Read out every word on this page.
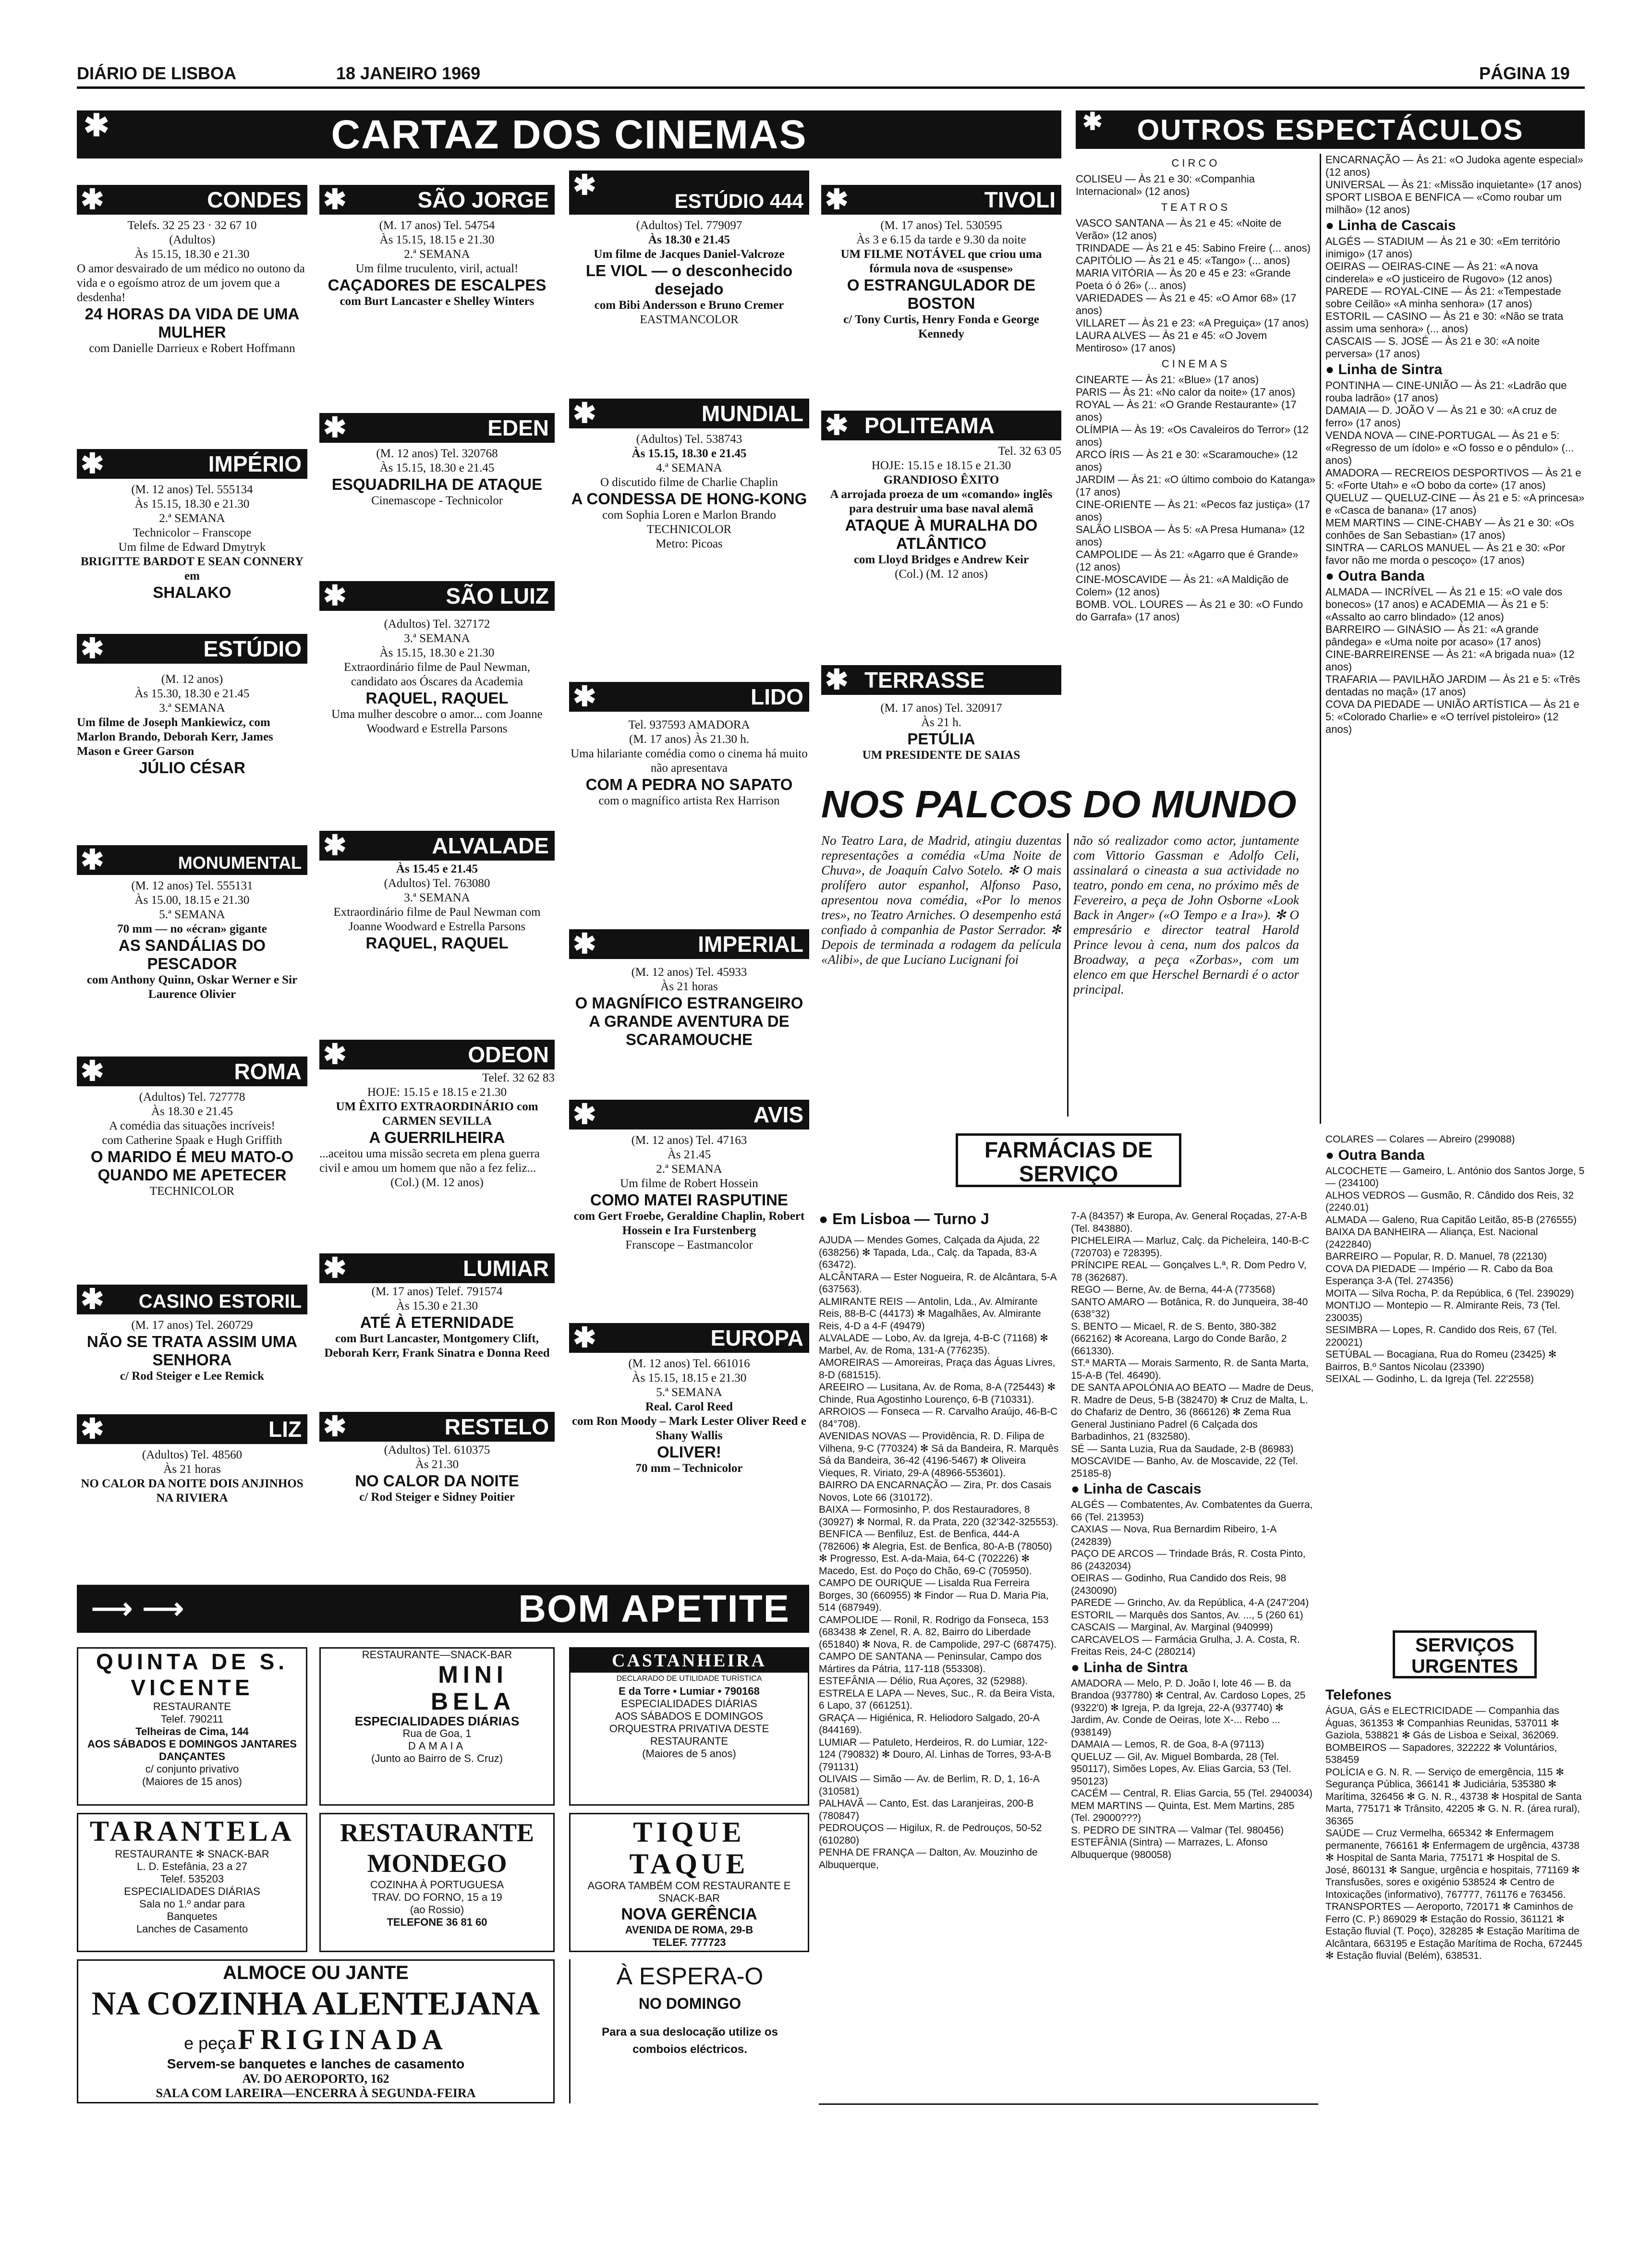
DIÁRIO DE LISBOA	18 JANEIRO 1969	PÁGINA 19
✱	CARTAZ DOS CINEMAS	✱ OUTROS ESPECTÁCULOS
✱	CONDES

Telefs. 32 25 23 · 32 67 10

(Adultos)

Às 15.15, 18.30 e 21.30

O amor desvairado de um médico no outono da vida e o egoísmo atroz de um jovem que a desdenha!

24 HORAS DA VIDA DE UMA MULHER

com Danielle Darrieux e Robert Hoffmann

✱	IMPÉRIO

(M. 12 anos) Tel. 555134

Às 15.15, 18.30 e 21.30

2.ª SEMANA

Technicolor – Franscope

Um filme de Edward Dmytryk

BRIGITTE BARDOT E SEAN CONNERY em

SHALAKO

✱	ESTÚDIO

(M. 12 anos)

Às 15.30, 18.30 e 21.45

3.ª SEMANA

Um filme de Joseph Mankiewicz, com Marlon Brando, Deborah Kerr, James Mason e Greer Garson

JÚLIO CÉSAR

✱	MONUMENTAL

(M. 12 anos) Tel. 555131

Às 15.00, 18.15 e 21.30

5.ª SEMANA

70 mm — no «écran» gigante

AS SANDÁLIAS DO PESCADOR

com Anthony Quinn, Oskar Werner e Sir Laurence Olivier

✱	ROMA

(Adultos) Tel. 727778

Às 18.30 e 21.45

A comédia das situações incríveis!

com Catherine Spaak e Hugh Griffith

O MARIDO É MEU MATO-O QUANDO ME APETECER

TECHNICOLOR

✱ CASINO ESTORIL

(M. 17 anos) Tel. 260729

NÃO SE TRATA ASSIM UMA SENHORA

c/ Rod Steiger e Lee Remick

✱	LIZ

(Adultos) Tel. 48560

Às 21 horas

NO CALOR DA NOITE DOIS ANJINHOS NA RIVIERA

✱	SÃO JORGE

(M. 17 anos) Tel. 54754

Às 15.15, 18.15 e 21.30

2.ª SEMANA

Um filme truculento, viril, actual!

CAÇADORES DE ESCALPES

com Burt Lancaster e Shelley Winters

✱	EDEN

(M. 12 anos) Tel. 320768

Às 15.15, 18.30 e 21.45

ESQUADRILHA DE ATAQUE

Cinemascope - Technicolor

✱	SÃO LUIZ

(Adultos) Tel. 327172

3.ª SEMANA

Às 15.15, 18.30 e 21.30

Extraordinário filme de Paul Newman, candidato aos Óscares da Academia

RAQUEL, RAQUEL

Uma mulher descobre o amor... com Joanne Woodward e Estrella Parsons

✱	ALVALADE

Às 15.45 e 21.45

(Adultos) Tel. 763080

3.ª SEMANA

Extraordinário filme de Paul Newman com Joanne Woodward e Estrella Parsons

RAQUEL, RAQUEL

✱	ODEON

Telef. 32 62 83

HOJE: 15.15 e 18.15 e 21.30

UM ÊXITO EXTRAORDINÁRIO com CARMEN SEVILLA

A GUERRILHEIRA

...aceitou uma missão secreta em plena guerra civil e amou um homem que não a fez feliz...

(Col.) (M. 12 anos)

✱	LUMIAR

(M. 17 anos) Telef. 791574

Às 15.30 e 21.30

ATÉ À ETERNIDADE

com Burt Lancaster, Montgomery Clift, Deborah Kerr, Frank Sinatra e Donna Reed

✱	RESTELO

(Adultos) Tel. 610375

Às 21.30

NO CALOR DA NOITE

c/ Rod Steiger e Sidney Poitier

✱
ESTÚDIO 444

(Adultos) Tel. 779097

Às 18.30 e 21.45

Um filme de Jacques Daniel-Valcroze

LE VIOL — o desconhecido desejado

com Bibi Andersson e Bruno Cremer

EASTMANCOLOR

✱	MUNDIAL

(Adultos) Tel. 538743

Às 15.15, 18.30 e 21.45

4.ª SEMANA

O discutido filme de Charlie Chaplin

A CONDESSA DE HONG-KONG

com Sophia Loren e Marlon Brando

TECHNICOLOR

Metro: Picoas

✱	LIDO

Tel. 937593 AMADORA

(M. 17 anos) Às 21.30 h.

Uma hilariante comédia como o cinema há muito não apresentava

COM A PEDRA NO SAPATO

com o magnífico artista Rex Harrison

✱	IMPERIAL

(M. 12 anos) Tel. 45933

Às 21 horas

O MAGNÍFICO ESTRANGEIRO

A GRANDE AVENTURA DE SCARAMOUCHE

✱	AVIS

(M. 12 anos) Tel. 47163

Às 21.45

2.ª SEMANA

Um filme de Robert Hossein

COMO MATEI RASPUTINE

com Gert Froebe, Geraldine Chaplin, Robert Hossein e Ira Furstenberg

Franscope – Eastmancolor

✱	EUROPA

(M. 12 anos) Tel. 661016

Às 15.15, 18.15 e 21.30

5.ª SEMANA

Real. Carol Reed

com Ron Moody – Mark Lester Oliver Reed e Shany Wallis

OLIVER!

70 mm – Technicolor

✱	TIVOLI

(M. 17 anos) Tel. 530595

Às 3 e 6.15 da tarde e 9.30 da noite

UM FILME NOTÁVEL que criou uma fórmula nova de «suspense»

O ESTRANGULADOR DE BOSTON

c/ Tony Curtis, Henry Fonda e George Kennedy

✱ POLITEAMA

Tel. 32 63 05

HOJE: 15.15 e 18.15 e 21.30

GRANDIOSO ÊXITO

A arrojada proeza de um «comando» inglês para destruir uma base naval alemã

ATAQUE À MURALHA DO ATLÂNTICO

com Lloyd Bridges e Andrew Keir

(Col.) (M. 12 anos)

✱ TERRASSE

(M. 17 anos) Tel. 320917

Às 21 h.

PETÚLIA

UM PRESIDENTE DE SAIAS

NOS PALCOS DO MUNDO
No Teatro Lara, de Madrid, atingiu duzentas representações a comédia «Uma Noite de Chuva», de Joaquín Calvo Sotelo. ✻ O mais prolífero autor espanhol, Alfonso Paso, apresentou nova comédia, «Por lo menos tres», no Teatro Arniches. O desempenho está confiado à companhia de Pastor Serrador. ✻ Depois de terminada a rodagem da película «Alibi», de que Luciano Lucignani foi
não só realizador como actor, juntamente com Vittorio Gassman e Adolfo Celi, assinalará o cineasta a sua actividade no teatro, pondo em cena, no próximo mês de Fevereiro, a peça de John Osborne «Look Back in Anger» («O Tempo e a Ira»). ✻ O empresário e director teatral Harold Prince levou à cena, num dos palcos da Broadway, a peça «Zorbas», com um elenco em que Herschel Bernardi é o actor principal.

CIRCO

COLISEU — Às 21 e 30: «Companhia Internacional» (12 anos)

TEATROS

VASCO SANTANA — Às 21 e 45: «Noite de Verão» (12 anos)

TRINDADE — Às 21 e 45: Sabino Freire (... anos)

CAPITÓLIO — Às 21 e 45: «Tango» (... anos)

MARIA VITÓRIA — Às 20 e 45 e 23: «Grande Poeta ó ó 26» (... anos)

VARIEDADES — Às 21 e 45: «O Amor 68» (17 anos)

VILLARET — Às 21 e 23: «A Preguiça» (17 anos)

LAURA ALVES — Às 21 e 45: «O Jovem Mentiroso» (17 anos)

CINEMAS

CINEARTE — Às 21: «Blue» (17 anos)

PARIS — Às 21: «No calor da noite» (17 anos)

ROYAL — Às 21: «O Grande Restaurante» (17 anos)

OLÍMPIA — Às 19: «Os Cavaleiros do Terror» (12 anos)

ARCO ÍRIS — Às 21 e 30: «Scaramouche» (12 anos)

JARDIM — Às 21: «O último comboio do Katanga» (17 anos)

CINE-ORIENTE — Às 21: «Pecos faz justiça» (17 anos)

SALÃO LISBOA — Às 5: «A Presa Humana» (12 anos)

CAMPOLIDE — Às 21: «Agarro que é Grande» (12 anos)

CINE-MOSCAVIDE — Às 21: «A Maldição de Colem» (12 anos)

BOMB. VOL. LOURES — Às 21 e 30: «O Fundo do Garrafa» (17 anos)

ENCARNAÇÃO — Às 21: «O Judoka agente especial» (12 anos)

UNIVERSAL — Às 21: «Missão inquietante» (17 anos)

SPORT LISBOA E BENFICA — «Como roubar um milhão» (12 anos)

● Linha de Cascais

ALGÉS — STADIUM — Às 21 e 30: «Em território inimigo» (17 anos)

OEIRAS — OEIRAS-CINE — Às 21: «A nova cinderela» e «O justiceiro de Rugovo» (12 anos)

PAREDE — ROYAL-CINE — Às 21: «Tempestade sobre Ceilão» «A minha senhora» (17 anos)

ESTORIL — CASINO — Às 21 e 30: «Não se trata assim uma senhora» (... anos)

CASCAIS — S. JOSÉ — Às 21 e 30: «A noite perversa» (17 anos)

● Linha de Sintra

PONTINHA — CINE-UNIÃO — Às 21: «Ladrão que rouba ladrão» (17 anos)

DAMAIA — D. JOÃO V — Às 21 e 30: «A cruz de ferro» (17 anos)

VENDA NOVA — CINE-PORTUGAL — Às 21 e 5: «Regresso de um ídolo» e «O fosso e o pêndulo» (... anos)

AMADORA — RECREIOS DESPORTIVOS — Às 21 e 5: «Forte Utah» e «O bobo da corte» (17 anos)

QUELUZ — QUELUZ-CINE — Às 21 e 5: «A princesa» e «Casca de banana» (17 anos)

MEM MARTINS — CINE-CHABY — Às 21 e 30: «Os conhões de San Sebastian» (17 anos)

SINTRA — CARLOS MANUEL — Às 21 e 30: «Por favor não me morda o pescoço» (17 anos)

● Outra Banda

ALMADA — INCRÍVEL — Às 21 e 15: «O vale dos bonecos» (17 anos) e ACADEMIA — Às 21 e 5: «Assalto ao carro blindado» (12 anos)

BARREIRO — GINÁSIO — Às 21: «A grande pândega» e «Uma noite por acaso» (17 anos)

CINE-BARREIRENSE — Às 21: «A brigada nua» (12 anos)

TRAFARIA — PAVILHÃO JARDIM — Às 21 e 5: «Três dentadas no maçã» (17 anos)

COVA DA PIEDADE — UNIÃO ARTÍSTICA — Às 21 e 5: «Colorado Charlie» e «O terrível pistoleiro» (12 anos)

FARMÁCIAS DE SERVIÇO
● Em Lisboa — Turno J

AJUDA — Mendes Gomes, Calçada da Ajuda, 22 (638256) ✻ Tapada, Lda., Calç. da Tapada, 83-A (63472).

ALCÂNTARA — Ester Nogueira, R. de Alcântara, 5-A (637563).

ALMIRANTE REIS — Antolin, Lda., Av. Almirante Reis, 88-B-C (44173) ✻ Magalhães, Av. Almirante Reis, 4-D a 4-F (49479)

ALVALADE — Lobo, Av. da Igreja, 4-B-C (71168) ✻ Marbel, Av. de Roma, 131-A (776235).

AMOREIRAS — Amoreiras, Praça das Águas Livres, 8-D (681515).

AREEIRO — Lusitana, Av. de Roma, 8-A (725443) ✻ Chinde, Rua Agostinho Lourenço, 6-B (710331).

ARROIOS — Fonseca — R. Carvalho Araújo, 46-B-C (84°708).

AVENIDAS NOVAS — Providência, R. D. Filipa de Vilhena, 9-C (770324) ✻ Sá da Bandeira, R. Marquês Sá da Bandeira, 36-42 (4196-5467) ✻ Oliveira Vieques, R. Viriato, 29-A (48966-553601).

BAIRRO DA ENCARNAÇÃO — Zira, Pr. dos Casais Novos, Lote 66 (310172).

BAIXA — Formosinho, P. dos Restauradores, 8 (30927) ✻ Normal, R. da Prata, 220 (32'342-325553).

BENFICA — Benfiluz, Est. de Benfica, 444-A (782606) ✻ Alegria, Est. de Benfica, 80-A-B (78050) ✻ Progresso, Est. A-da-Maia, 64-C (702226) ✻ Macedo, Est. do Poço do Chão, 69-C (705950).

CAMPO DE OURIQUE — Lisalda Rua Ferreira Borges, 30 (660955) ✻ Findor — Rua D. Maria Pia, 514 (687949).

CAMPOLIDE — Ronil, R. Rodrigo da Fonseca, 153 (683438 ✻ Zenel, R. A. 82, Bairro do Liberdade (651840) ✻ Nova, R. de Campolide, 297-C (687475).

CAMPO DE SANTANA — Peninsular, Campo dos Mártires da Pátria, 117-118 (553308).

ESTEFÂNIA — Délio, Rua Açores, 32 (52988).

ESTRELA E LAPA — Neves, Suc., R. da Beira Vista, 6 Lapo, 37 (661251).

GRAÇA — Higiénica, R. Heliodoro Salgado, 20-A (844169).

LUMIAR — Patuleto, Herdeiros, R. do Lumiar, 122-124 (790832) ✻ Douro, Al. Linhas de Torres, 93-A-B (791131)

OLIVAIS — Simão — Av. de Berlim, R. D, 1, 16-A (310581)

PALHAVÃ — Canto, Est. das Laranjeiras, 200-B (780847)

PEDROUÇOS — Higilux, R. de Pedrouços, 50-52 (610280)

PENHA DE FRANÇA — Dalton, Av. Mouzinho de Albuquerque,

7-A (84357) ✻ Europa, Av. General Roçadas, 27-A-B (Tel. 843880).

PICHELEIRA — Marluz, Calç. da Picheleira, 140-B-C (720703) e 728395).

PRÍNCIPE REAL — Gonçalves L.ª, R. Dom Pedro V, 78 (362687).

REGO — Berne, Av. de Berna, 44-A (773568)

SANTO AMARO — Botânica, R. do Junqueira, 38-40 (638°32)

S. BENTO — Micael, R. de S. Bento, 380-382 (662162) ✻ Acoreana, Largo do Conde Barão, 2 (661330).

ST.ª MARTA — Morais Sarmento, R. de Santa Marta, 15-A-B (Tel. 46490).

DE SANTA APOLÓNIA AO BEATO — Madre de Deus, R. Madre de Deus, 5-B (382470) ✻ Cruz de Malta, L. do Chafariz de Dentro, 36 (866126) ✻ Zema Rua General Justiniano Padrel (6 Calçada dos Barbadinhos, 21 (832580).

SÉ — Santa Luzia, Rua da Saudade, 2-B (86983)

MOSCAVIDE — Banho, Av. de Moscavide, 22 (Tel. 25185-8)

● Linha de Cascais

ALGÉS — Combatentes, Av. Combatentes da Guerra, 66 (Tel. 213953)

CAXIAS — Nova, Rua Bernardim Ribeiro, 1-A (242839)

PAÇO DE ARCOS — Trindade Brás, R. Costa Pinto, 86 (2432034)

OEIRAS — Godinho, Rua Candido dos Reis, 98 (2430090)

PAREDE — Grincho, Av. da República, 4-A (247'204)

ESTORIL — Marquês dos Santos, Av. ..., 5 (260 61)

CASCAIS — Marginal, Av. Marginal (940999)

CARCAVELOS — Farmácia Grulha, J. A. Costa, R. Freitas Reis, 24-C (280214)

● Linha de Sintra

AMADORA — Melo, P. D. João I, lote 46 — B. da Brandoa (937780) ✻ Central, Av. Cardoso Lopes, 25 (9322'0) ✻ Igreja, P. da Igreja, 22-A (937740) ✻ Jardim, Av. Conde de Oeiras, lote X-... Rebo ... (938149)

DAMAIA — Lemos, R. de Goa, 8-A (97113)

QUELUZ — Gil, Av. Miguel Bombarda, 28 (Tel. 950117), Simões Lopes, Av. Elias Garcia, 53 (Tel. 950123)

CACÉM — Central, R. Elias Garcia, 55 (Tel. 2940034)

MEM MARTINS — Quinta, Est. Mem Martins, 285 (Tel. 29000???)

S. PEDRO DE SINTRA — Valmar (Tel. 980456)

ESTEFÂNIA (Sintra) — Marrazes, L. Afonso Albuquerque (980058)

COLARES — Colares — Abreiro (299088)

● Outra Banda

ALCOCHETE — Gameiro, L. António dos Santos Jorge, 5 — (234100)

ALHOS VEDROS — Gusmão, R. Cândido dos Reis, 32 (2240.01)

ALMADA — Galeno, Rua Capitão Leitão, 85-B (276555)

BAIXA DA BANHEIRA — Aliança, Est. Nacional (2422840)

BARREIRO — Popular, R. D. Manuel, 78 (22130)

COVA DA PIEDADE — Império — R. Cabo da Boa Esperança 3-A (Tel. 274356)

MOITA — Silva Rocha, P. da República, 6 (Tel. 239029)

MONTIJO — Montepio — R. Almirante Reis, 73 (Tel. 230035)

SESIMBRA — Lopes, R. Candido dos Reis, 67 (Tel. 220021)

SETÚBAL — Bocagiana, Rua do Romeu (23425) ✻ Bairros, B.º Santos Nicolau (23390)

SEIXAL — Godinho, L. da Igreja (Tel. 22'2558)

SERVIÇOS URGENTES

Telefones

ÁGUA, GÁS e ELECTRICIDADE — Companhia das Águas, 361353 ✻ Companhias Reunidas, 537011 ✻ Gaziola, 538821 ✻ Gás de Lisboa e Seixal, 362069.

BOMBEIROS — Sapadores, 322222 ✻ Voluntários, 538459

POLÍCIA e G. N. R. — Serviço de emergência, 115 ✻ Segurança Pública, 366141 ✻ Judiciária, 535380 ✻ Marítima, 326456 ✻ G. N. R., 43738 ✻ Hospital de Santa Marta, 775171 ✻ Trânsito, 42205 ✻ G. N. R. (área rural), 36365

SAÚDE — Cruz Vermelha, 665342 ✻ Enfermagem permanente, 766161 ✻ Enfermagem de urgência, 43738 ✻ Hospital de Santa Maria, 775171 ✻ Hospital de S. José, 860131 ✻ Sangue, urgência e hospitais, 771169 ✻ Transfusões, sores e oxigénio 538524 ✻ Centro de Intoxicações (informativo), 767777, 761176 e 763456.

TRANSPORTES — Aeroporto, 720171 ✻ Caminhos de Ferro (C. P.) 869029 ✻ Estação do Rossio, 361121 ✻ Estação fluvial (T. Poço), 328285 ✻ Estação Marítima de Alcântara, 663195 e Estação Marítima de Rocha, 672445 ✻ Estação fluvial (Belém), 638531.

⟶ ⟶	BOM APETITE
QUINTA DE S. VICENTE
RESTAURANTE
Telef. 790211
Telheiras de Cima, 144
AOS SÁBADOS E DOMINGOS JANTARES DANÇANTES
c/ conjunto privativo
(Maiores de 15 anos)
RESTAURANTE—SNACK-BAR
MINI BELA
ESPECIALIDADES DIÁRIAS
Rua de Goa, 1
DAMAIA
(Junto ao Bairro de S. Cruz)
CASTANHEIRA
DECLARADO DE UTILIDADE TURÍSTICA
E da Torre • Lumiar • 790168
ESPECIALIDADES DIÁRIAS
AOS SÁBADOS E DOMINGOS
ORQUESTRA PRIVATIVA DESTE RESTAURANTE
(Maiores de 5 anos)
TARANTELA
RESTAURANTE ✻ SNACK-BAR
L. D. Estefânia, 23 a 27
Telef. 535203
ESPECIALIDADES DIÁRIAS
Sala no 1.º andar para
Banquetes
Lanches de Casamento
RESTAURANTE MONDEGO
COZINHA À PORTUGUESA
TRAV. DO FORNO, 15 a 19
(ao Rossio)
TELEFONE 36 81 60
TIQUE TAQUE
AGORA TAMBÉM COM RESTAURANTE E SNACK-BAR
NOVA GERÊNCIA
AVENIDA DE ROMA, 29-B
TELEF. 777723
ALMOCE OU JANTE
NA COZINHA ALENTEJANA
e peça FRIGINADA
Servem-se banquetes e lanches de casamento
AV. DO AEROPORTO, 162
SALA COM LAREIRA—ENCERRA À SEGUNDA-FEIRA
À ESPERA-O
NO DOMINGO
Para a sua deslocação utilize os comboios eléctricos.
